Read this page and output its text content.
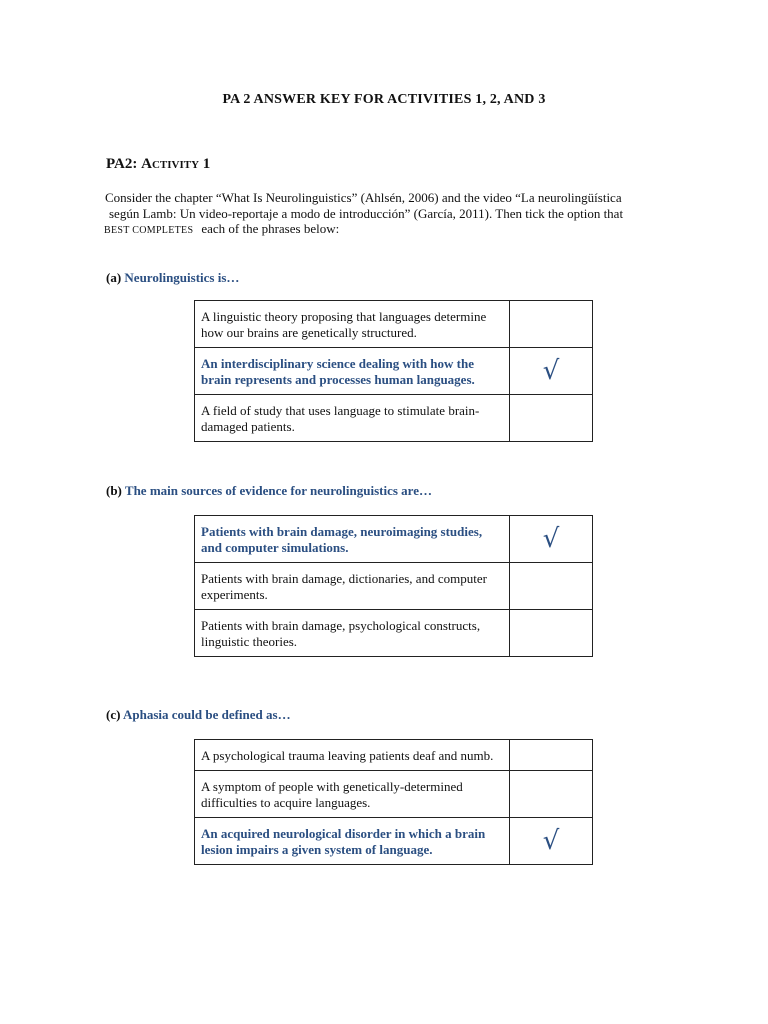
PA 2 ANSWER KEY FOR ACTIVITIES 1, 2, AND 3
PA2: Activity 1
Consider the chapter “What Is Neurolinguistics” (Ahlsén, 2006) and the video “La neurolingüística
según Lamb: Un video-reportaje a modo de introducción” (García, 2011). Then tick the option that
BEST COMPLETES each of the phrases below:
(a) Neurolinguistics is…
A linguistic theory proposing that languages determine how our brains are genetically structured.	
An interdisciplinary science dealing with how the brain represents and processes human languages.	√
A field of study that uses language to stimulate brain-damaged patients.	
(b) The main sources of evidence for neurolinguistics are…
Patients with brain damage, neuroimaging studies, and computer simulations.	√
Patients with brain damage, dictionaries, and computer experiments.	
Patients with brain damage, psychological constructs, linguistic theories.	
(c) Aphasia could be defined as…
A psychological trauma leaving patients deaf and numb.	
A symptom of people with genetically-determined difficulties to acquire languages.	
An acquired neurological disorder in which a brain lesion impairs a given system of language.	√
